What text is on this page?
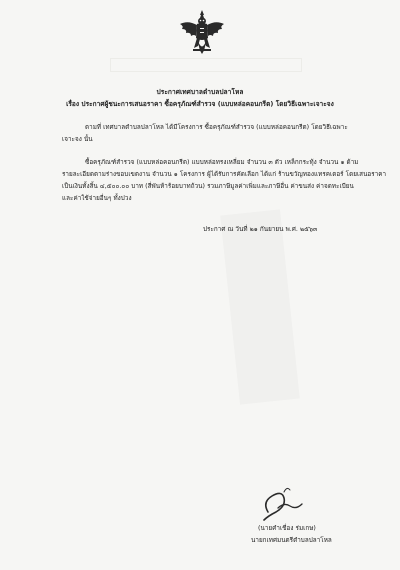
ประกาศเทศบาลตำบลปลาโหล
เรื่อง ประกาศผู้ชนะการเสนอราคา ซื้อครุภัณฑ์สำรวจ (แบบหล่อคอนกรีต) โดยวิธีเฉพาะเจาะจง
ตามที่ เทศบาลตำบลปลาโหล ได้มีโครงการ ซื้อครุภัณฑ์สำรวจ (แบบหล่อคอนกรีต) โดยวิธีเฉพาะ
เจาะจง นั้น
ซื้อครุภัณฑ์สำรวจ (แบบหล่อคอนกรีต) แบบหล่อทรงเหลี่ยม จำนวน ๓ ตัว เหล็กกระทุ้ง จำนวน ๑ ด้าม
รายละเอียดตามร่างขอบเขตงาน จำนวน ๑ โครงการ ผู้ได้รับการคัดเลือก ได้แก่ ร้านขวัญทองแทรคเตอร์ โดยเสนอราคา
เป็นเงินทั้งสิ้น ๔,๕๐๐.๐๐ บาท (สี่พันห้าร้อยบาทถ้วน) รวมภาษีมูลค่าเพิ่มและภาษีอื่น ค่าขนส่ง ค่าจดทะเบียน
และค่าใช้จ่ายอื่นๆ ทั้งปวง
ประกาศ ณ วันที่ ๒๑ กันยายน พ.ศ. ๒๕๖๓
(นายคำเชื่อง ร่มเกษ)
นายกเทศมนตรีตำบลปลาโหล
